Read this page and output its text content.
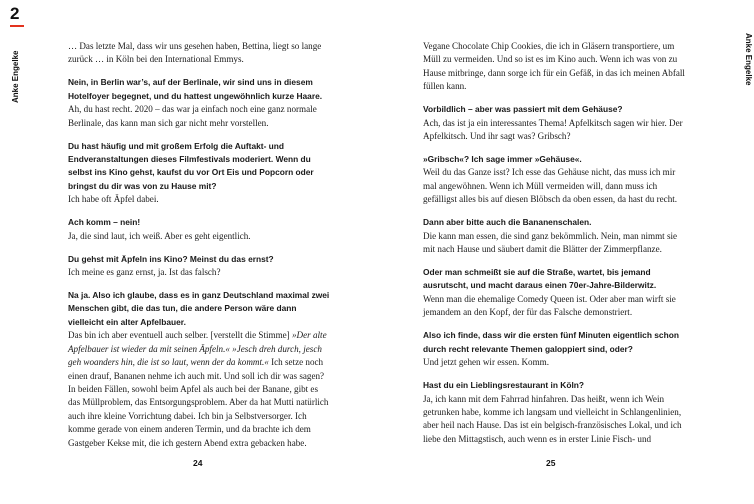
2
Anke Engelke

… Das letzte Mal, dass wir uns gesehen haben, Bettina, liegt so lange zurück … in Köln bei den International Emmys.

Nein, in Berlin war’s, auf der Berlinale, wir sind uns in diesem Hotelfoyer begegnet, und du hattest ungewöhnlich kurze Haare.

Ah, du hast recht. 2020 – das war ja einfach noch eine ganz normale Berlinale, das kann man sich gar nicht mehr vorstellen.

Du hast häufig und mit großem Erfolg die Auftakt- und Endveranstaltungen dieses Filmfestivals moderiert. Wenn du selbst ins Kino gehst, kaufst du vor Ort Eis und Popcorn oder bringst du dir was von zu Hause mit?

Ich habe oft Äpfel dabei.

Ach komm – nein!

Ja, die sind laut, ich weiß. Aber es geht eigentlich.

Du gehst mit Äpfeln ins Kino? Meinst du das ernst?

Ich meine es ganz ernst, ja. Ist das falsch?

Na ja. Also ich glaube, dass es in ganz Deutschland maximal zwei Menschen gibt, die das tun, die andere Person wäre dann vielleicht ein alter Apfelbauer.

Das bin ich aber eventuell auch selber. [verstellt die Stimme] »Der alte Apfelbauer ist wieder da mit seinen Äpfeln.« »Jesch dreh durch, jesch geh woanders hin, die ist so laut, wenn der da kommt.« Ich setze noch einen drauf, Bananen nehme ich auch mit. Und soll ich dir was sagen? In beiden Fällen, sowohl beim Apfel als auch bei der Banane, gibt es das Müllproblem, das Entsorgungsproblem. Aber da hat Mutti natürlich auch ihre kleine Vorrichtung dabei. Ich bin ja Selbstversorger. Ich komme gerade von einem anderen Termin, und da brachte ich dem Gastgeber Kekse mit, die ich gestern Abend extra gebacken habe.

24
Anke Engelke

Vegane Chocolate Chip Cookies, die ich in Gläsern transportiere, um Müll zu vermeiden. Und so ist es im Kino auch. Wenn ich was von zu Hause mitbringe, dann sorge ich für ein Gefäß, in das ich meinen Abfall füllen kann.

Vorbildlich – aber was passiert mit dem Gehäuse?

Ach, das ist ja ein interessantes Thema! Apfelkitsch sagen wir hier. Der Apfelkitsch. Und ihr sagt was? Gribsch?

»Gribsch«? Ich sage immer »Gehäuse«.

Weil du das Ganze isst? Ich esse das Gehäuse nicht, das muss ich mir mal angewöhnen. Wenn ich Müll vermeiden will, dann muss ich gefälligst alles bis auf diesen Blöbsch da oben essen, da hast du recht.

Dann aber bitte auch die Bananenschalen.

Die kann man essen, die sind ganz bekömmlich. Nein, man nimmt sie mit nach Hause und säubert damit die Blätter der Zimmerpflanze.

Oder man schmeißt sie auf die Straße, wartet, bis jemand ausrutscht, und macht daraus einen 70er-Jahre-Bilderwitz.

Wenn man die ehemalige Comedy Queen ist. Oder aber man wirft sie jemandem an den Kopf, der für das Falsche demonstriert.

Also ich finde, dass wir die ersten fünf Minuten eigentlich schon durch recht relevante Themen galoppiert sind, oder?

Und jetzt gehen wir essen. Komm.

Hast du ein Lieblingsrestaurant in Köln?

Ja, ich kann mit dem Fahrrad hinfahren. Das heißt, wenn ich Wein getrunken habe, komme ich langsam und vielleicht in Schlangenlinien, aber heil nach Hause. Das ist ein belgisch-französisches Lokal, und ich liebe den Mittagstisch, auch wenn es in erster Linie Fisch- und

25
